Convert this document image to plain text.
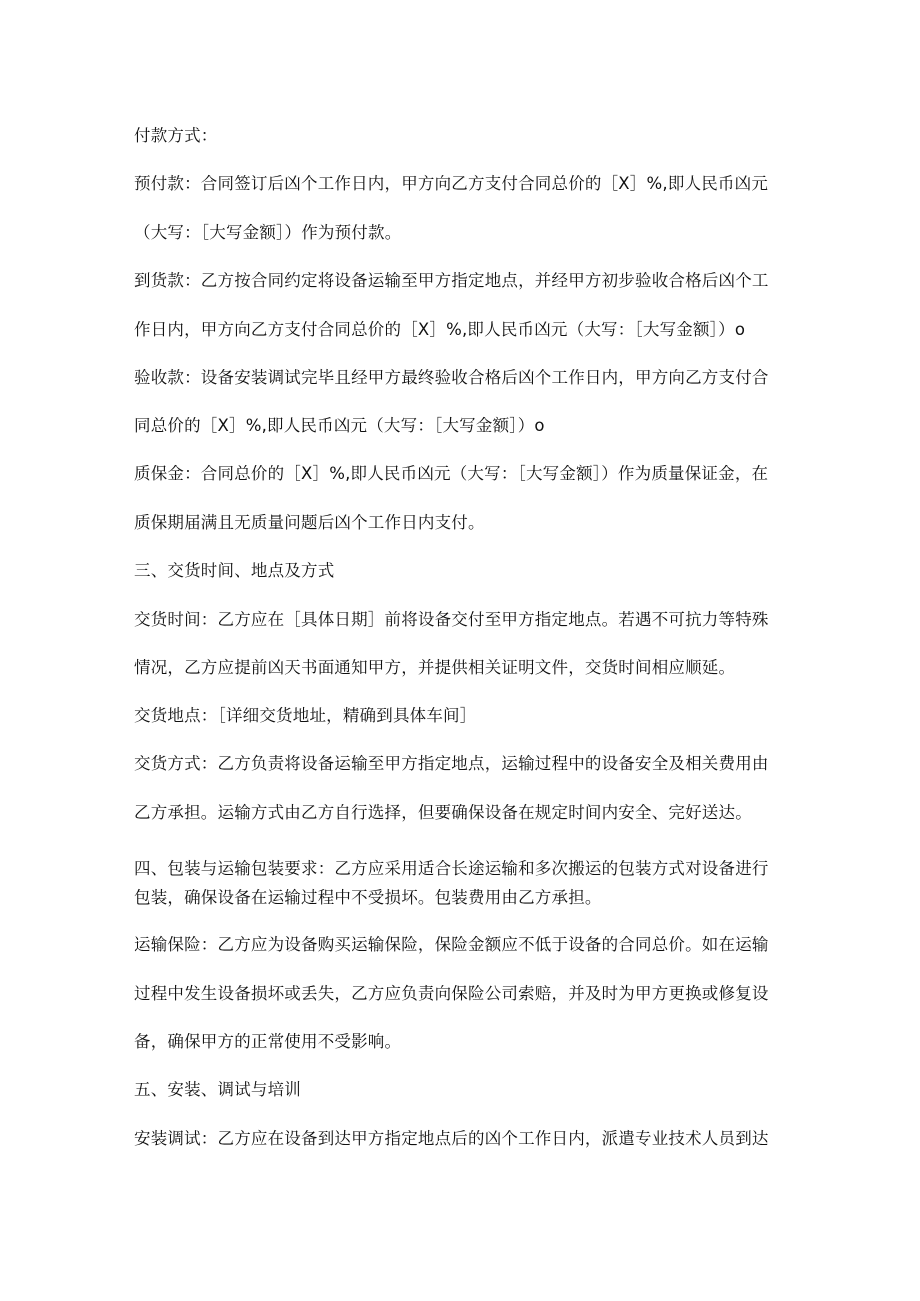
付款方式：

预付款：合同签订后凶个工作日内，甲方向乙方支付合同总价的［X］%,即人民币凶元

（大写：［大写金额］）作为预付款。

到货款：乙方按合同约定将设备运输至甲方指定地点，并经甲方初步验收合格后凶个工

作日内，甲方向乙方支付合同总价的［X］%,即人民币凶元（大写：［大写金额］）o

验收款：设备安装调试完毕且经甲方最终验收合格后凶个工作日内，甲方向乙方支付合

同总价的［X］%,即人民币凶元（大写：［大写金额］）o

质保金：合同总价的［X］%,即人民币凶元（大写：［大写金额］）作为质量保证金，在

质保期届满且无质量问题后凶个工作日内支付。

三、交货时间、地点及方式

交货时间：乙方应在［具体日期］前将设备交付至甲方指定地点。若遇不可抗力等特殊

情况，乙方应提前凶天书面通知甲方，并提供相关证明文件，交货时间相应顺延。

交货地点：［详细交货地址，精确到具体车间］

交货方式：乙方负责将设备运输至甲方指定地点，运输过程中的设备安全及相关费用由

乙方承担。运输方式由乙方自行选择，但要确保设备在规定时间内安全、完好送达。

四、包装与运输包装要求：乙方应采用适合长途运输和多次搬运的包装方式对设备进行

包装，确保设备在运输过程中不受损坏。包装费用由乙方承担。

运输保险：乙方应为设备购买运输保险，保险金额应不低于设备的合同总价。如在运输

过程中发生设备损坏或丢失，乙方应负责向保险公司索赔，并及时为甲方更换或修复设

备，确保甲方的正常使用不受影响。

五、安装、调试与培训

安装调试：乙方应在设备到达甲方指定地点后的凶个工作日内，派遣专业技术人员到达
